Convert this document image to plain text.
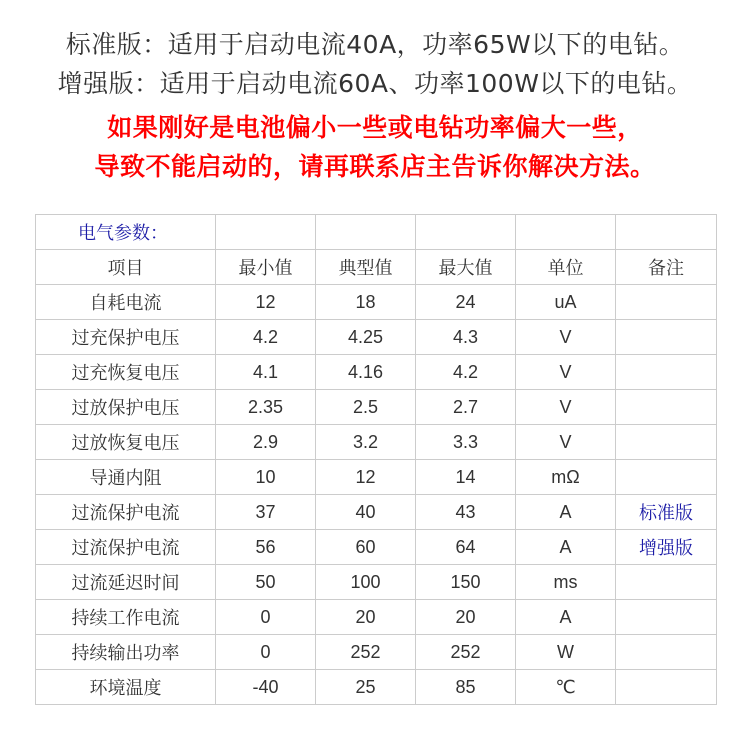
标准版：适用于启动电流40A，功率65W以下的电钻。
增强版：适用于启动电流60A、功率100W以下的电钻。
如果刚好是电池偏小一些或电钻功率偏大一些，
导致不能启动的，请再联系店主告诉你解决方法。
电气参数：					
项目	最小值	典型值	最大值	单位	备注
自耗电流	12	18	24	uA	
过充保护电压	4.2	4.25	4.3	V	
过充恢复电压	4.1	4.16	4.2	V	
过放保护电压	2.35	2.5	2.7	V	
过放恢复电压	2.9	3.2	3.3	V	
导通内阻	10	12	14	mΩ	
过流保护电流	37	40	43	A	标准版
过流保护电流	56	60	64	A	增强版
过流延迟时间	50	100	150	ms	
持续工作电流	0	20	20	A	
持续输出功率	0	252	252	W	
环境温度	-40	25	85	℃	
